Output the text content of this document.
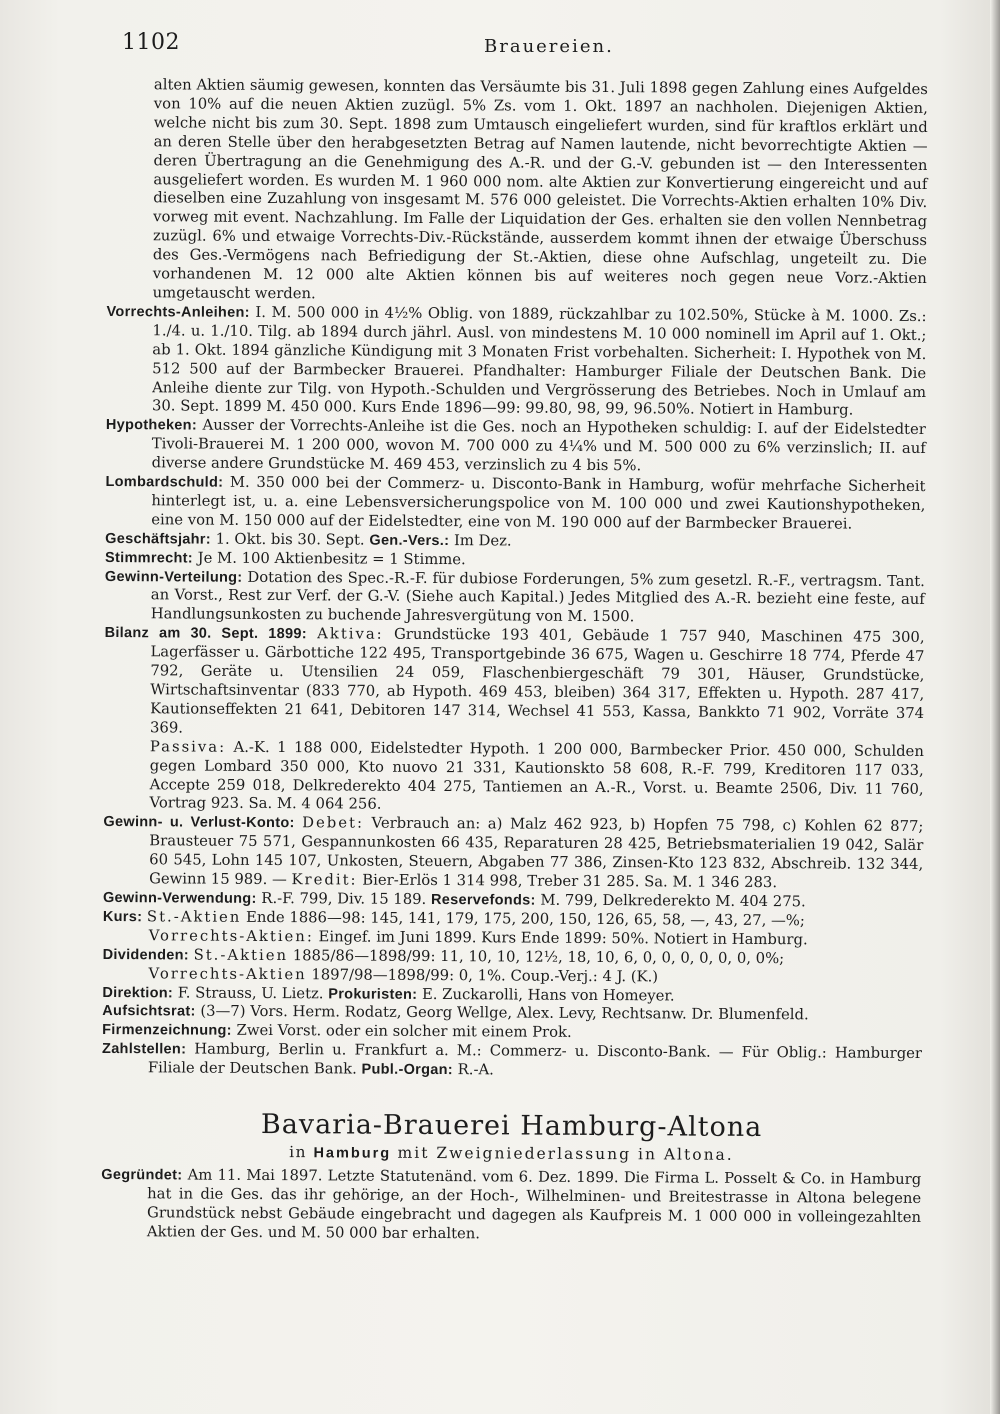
1102	Brauereien.

alten Aktien säumig gewesen, konnten das Versäumte bis 31. Juli 1898 gegen Zahlung eines Aufgeldes von 10% auf die neuen Aktien zuzügl. 5% Zs. vom 1. Okt. 1897 an nachholen. Diejenigen Aktien, welche nicht bis zum 30. Sept. 1898 zum Umtausch eingeliefert wurden, sind für kraftlos erklärt und an deren Stelle über den herabgesetzten Betrag auf Namen lautende, nicht bevorrechtigte Aktien — deren Übertragung an die Genehmigung des A.-R. und der G.-V. gebunden ist — den Interessenten ausgeliefert worden. Es wurden M. 1 960 000 nom. alte Aktien zur Konvertierung eingereicht und auf dieselben eine Zuzahlung von insgesamt M. 576 000 geleistet. Die Vorrechts-Aktien erhalten 10% Div. vorweg mit event. Nachzahlung. Im Falle der Liquidation der Ges. erhalten sie den vollen Nennbetrag zuzügl. 6% und etwaige Vorrechts-Div.-Rückstände, ausserdem kommt ihnen der etwaige Überschuss des Ges.-Vermögens nach Befriedigung der St.-Aktien, diese ohne Aufschlag, ungeteilt zu. Die vorhandenen M. 12 000 alte Aktien können bis auf weiteres noch gegen neue Vorz.-Aktien umgetauscht werden.

Vorrechts-Anleihen: I. M. 500 000 in 4½% Oblig. von 1889, rückzahlbar zu 102.50%, Stücke à M. 1000. Zs.: 1./4. u. 1./10. Tilg. ab 1894 durch jährl. Ausl. von mindestens M. 10 000 nominell im April auf 1. Okt.; ab 1. Okt. 1894 gänzliche Kündigung mit 3 Monaten Frist vorbehalten. Sicherheit: I. Hypothek von M. 512 500 auf der Barmbecker Brauerei. Pfandhalter: Hamburger Filiale der Deutschen Bank. Die Anleihe diente zur Tilg. von Hypoth.-Schulden und Vergrösserung des Betriebes. Noch in Umlauf am 30. Sept. 1899 M. 450 000. Kurs Ende 1896—99: 99.80, 98, 99, 96.50%. Notiert in Hamburg.

Hypotheken: Ausser der Vorrechts-Anleihe ist die Ges. noch an Hypotheken schuldig: I. auf der Eidelstedter Tivoli-Brauerei M. 1 200 000, wovon M. 700 000 zu 4¼% und M. 500 000 zu 6% verzinslich; II. auf diverse andere Grundstücke M. 469 453, verzinslich zu 4 bis 5%.

Lombardschuld: M. 350 000 bei der Commerz- u. Disconto-Bank in Hamburg, wofür mehrfache Sicherheit hinterlegt ist, u. a. eine Lebensversicherungspolice von M. 100 000 und zwei Kautionshypotheken, eine von M. 150 000 auf der Eidelstedter, eine von M. 190 000 auf der Barmbecker Brauerei.

Geschäftsjahr: 1. Okt. bis 30. Sept. Gen.-Vers.: Im Dez.

Stimmrecht: Je M. 100 Aktienbesitz = 1 Stimme.

Gewinn-Verteilung: Dotation des Spec.-R.-F. für dubiose Forderungen, 5% zum gesetzl. R.-F., vertragsm. Tant. an Vorst., Rest zur Verf. der G.-V. (Siehe auch Kapital.) Jedes Mitglied des A.-R. bezieht eine feste, auf Handlungsunkosten zu buchende Jahresvergütung von M. 1500.

Bilanz am 30. Sept. 1899: Aktiva: Grundstücke 193 401, Gebäude 1 757 940, Maschinen 475 300, Lagerfässer u. Gärbottiche 122 495, Transportgebinde 36 675, Wagen u. Geschirre 18 774, Pferde 47 792, Geräte u. Utensilien 24 059, Flaschenbiergeschäft 79 301, Häuser, Grundstücke, Wirtschaftsinventar (833 770, ab Hypoth. 469 453, bleiben) 364 317, Effekten u. Hypoth. 287 417, Kautionseffekten 21 641, Debitoren 147 314, Wechsel 41 553, Kassa, Bankkto 71 902, Vorräte 374 369.

Passiva: A.-K. 1 188 000, Eidelstedter Hypoth. 1 200 000, Barmbecker Prior. 450 000, Schulden gegen Lombard 350 000, Kto nuovo 21 331, Kautionskto 58 608, R.-F. 799, Kreditoren 117 033, Accepte 259 018, Delkrederekto 404 275, Tantiemen an A.-R., Vorst. u. Beamte 2506, Div. 11 760, Vortrag 923. Sa. M. 4 064 256.

Gewinn- u. Verlust-Konto: Debet: Verbrauch an: a) Malz 462 923, b) Hopfen 75 798, c) Kohlen 62 877; Brausteuer 75 571, Gespannunkosten 66 435, Reparaturen 28 425, Betriebsmaterialien 19 042, Salär 60 545, Lohn 145 107, Unkosten, Steuern, Abgaben 77 386, Zinsen-Kto 123 832, Abschreib. 132 344, Gewinn 15 989. — Kredit: Bier-Erlös 1 314 998, Treber 31 285. Sa. M. 1 346 283.

Gewinn-Verwendung: R.-F. 799, Div. 15 189. Reservefonds: M. 799, Delkrederekto M. 404 275.

Kurs: St.-Aktien Ende 1886—98: 145, 141, 179, 175, 200, 150, 126, 65, 58, —, 43, 27, —%;

Vorrechts-Aktien: Eingef. im Juni 1899. Kurs Ende 1899: 50%. Notiert in Hamburg.

Dividenden: St.-Aktien 1885/86—1898/99: 11, 10, 10, 12½, 18, 10, 6, 0, 0, 0, 0, 0, 0, 0%;

Vorrechts-Aktien 1897/98—1898/99: 0, 1%. Coup.-Verj.: 4 J. (K.)

Direktion: F. Strauss, U. Lietz. Prokuristen: E. Zuckarolli, Hans von Homeyer.

Aufsichtsrat: (3—7) Vors. Herm. Rodatz, Georg Wellge, Alex. Levy, Rechtsanw. Dr. Blumenfeld.

Firmenzeichnung: Zwei Vorst. oder ein solcher mit einem Prok.

Zahlstellen: Hamburg, Berlin u. Frankfurt a. M.: Commerz- u. Disconto-Bank. — Für Oblig.: Hamburger Filiale der Deutschen Bank. Publ.-Organ: R.-A.

Bavaria-Brauerei Hamburg-Altona
in Hamburg mit Zweigniederlassung in Altona.

Gegründet: Am 11. Mai 1897. Letzte Statutenänd. vom 6. Dez. 1899. Die Firma L. Posselt & Co. in Hamburg hat in die Ges. das ihr gehörige, an der Hoch-, Wilhelminen- und Breitestrasse in Altona belegene Grundstück nebst Gebäude eingebracht und dagegen als Kaufpreis M. 1 000 000 in volleingezahlten Aktien der Ges. und M. 50 000 bar erhalten.
